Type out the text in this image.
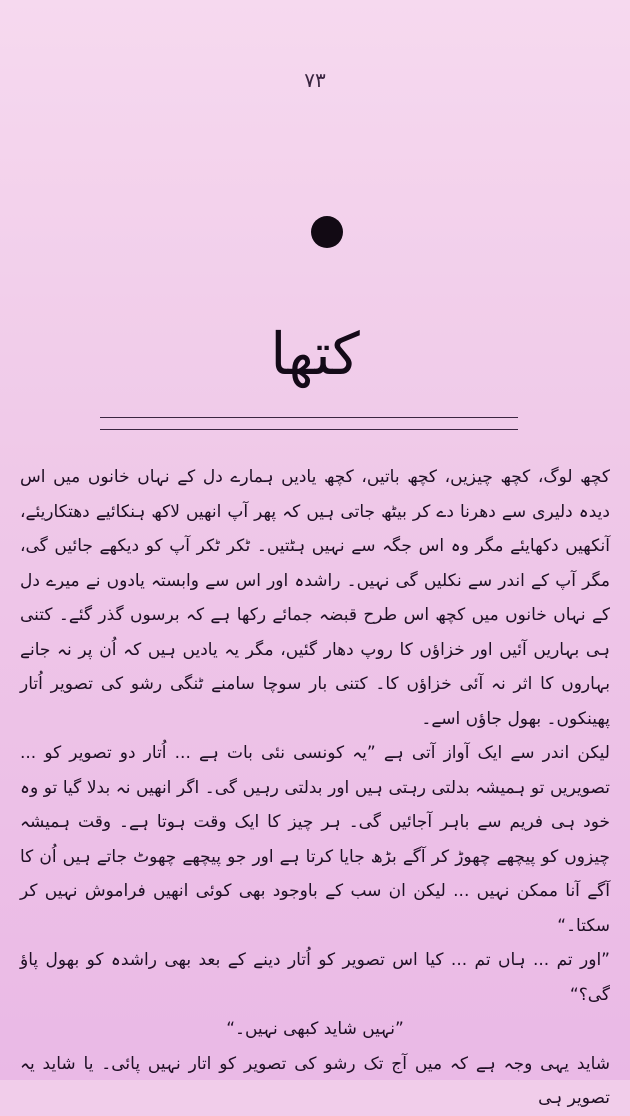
۷۳
کتھا

کچھ لوگ، کچھ چیزیں، کچھ باتیں، کچھ یادیں ہمارے دل کے نہاں خانوں میں اس دیدہ دلیری سے دھرنا دے کر بیٹھ جاتی ہیں کہ پھر آپ انھیں لاکھ ہنکائیے دھتکاریئے، آنکھیں دکھایئے مگر وہ اس جگہ سے نہیں ہٹتیں۔ ٹکر ٹکر آپ کو دیکھے جائیں گی، مگر آپ کے اندر سے نکلیں گی نہیں۔ راشدہ اور اس سے وابستہ یادوں نے میرے دل کے نہاں خانوں میں کچھ اس طرح قبضہ جمائے رکھا ہے کہ برسوں گذر گئے۔ کتنی ہی بہاریں آئیں اور خزاؤں کا روپ دھار گئیں، مگر یہ یادیں ہیں کہ اُن پر نہ جانے بہاروں کا اثر نہ آئی خزاؤں کا۔ کتنی بار سوچا سامنے ٹنگی رشو کی تصویر اُتار پھینکوں۔ بھول جاؤں اسے۔

لیکن اندر سے ایک آواز آتی ہے ”یہ کونسی نئی بات ہے ... اُتار دو تصویر کو ... تصویریں تو ہمیشہ بدلتی رہتی ہیں اور بدلتی رہیں گی۔ اگر انھیں نہ بدلا گیا تو وہ خود ہی فریم سے باہر آجائیں گی۔ ہر چیز کا ایک وقت ہوتا ہے۔ وقت ہمیشہ چیزوں کو پیچھے چھوڑ کر آگے بڑھ جایا کرتا ہے اور جو پیچھے چھوٹ جاتے ہیں اُن کا آگے آنا ممکن نہیں ... لیکن ان سب کے باوجود بھی کوئی انھیں فراموش نہیں کر سکتا۔“

”اور تم ... ہاں تم ... کیا اس تصویر کو اُتار دینے کے بعد بھی راشدہ کو بھول پاؤ گی؟“

”نہیں شاید کبھی نہیں۔“

شاید یہی وجہ ہے کہ میں آج تک رشو کی تصویر کو اتار نہیں پائی۔ یا شاید یہ تصویر ہی
